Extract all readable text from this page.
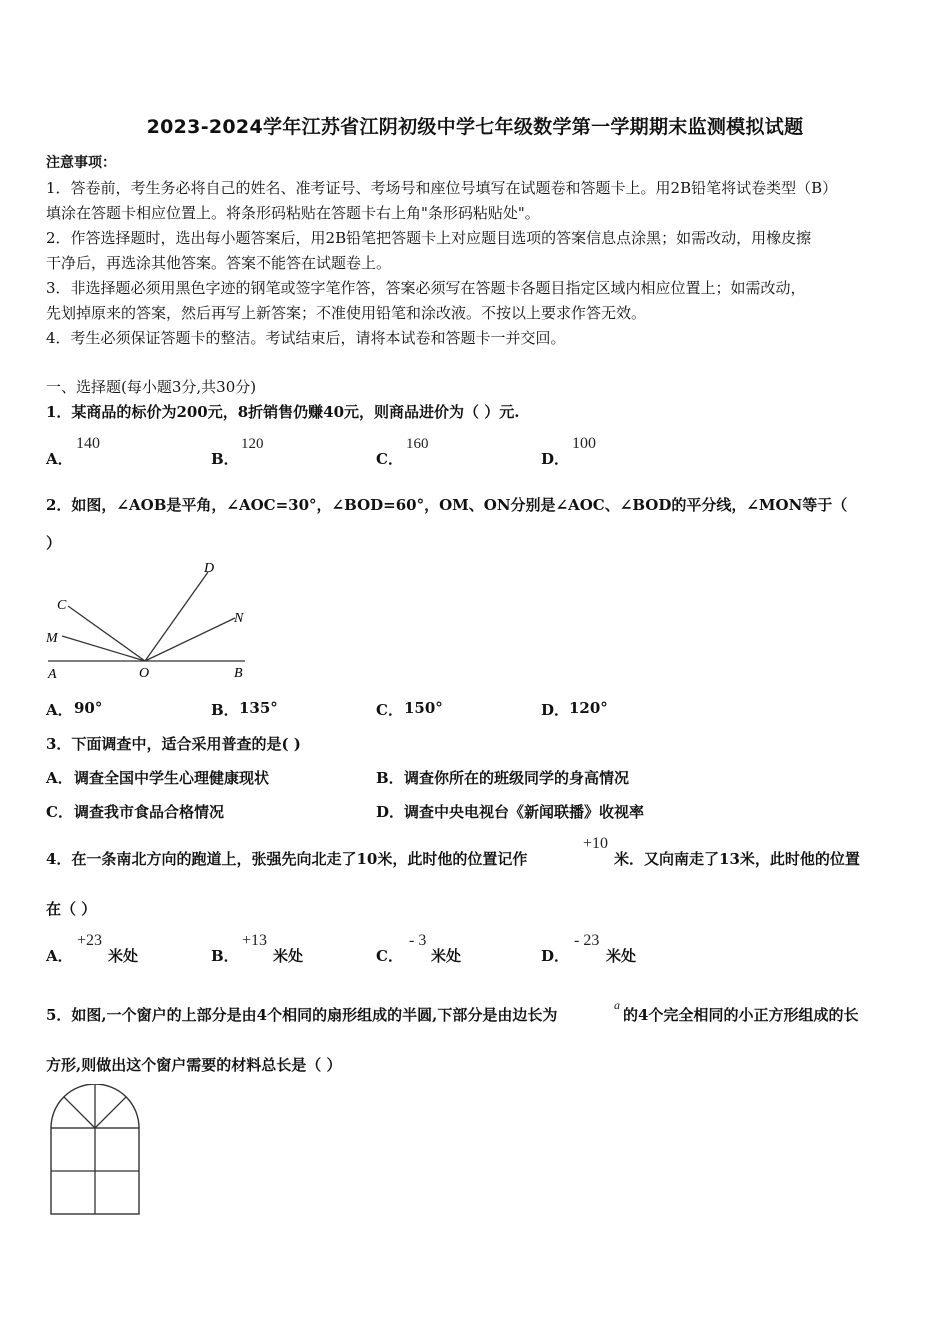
2023-2024学年江苏省江阴初级中学七年级数学第一学期期末监测模拟试题
注意事项：
1．答卷前，考生务必将自己的姓名、准考证号、考场号和座位号填写在试题卷和答题卡上。用2B铅笔将试卷类型（B）
填涂在答题卡相应位置上。将条形码粘贴在答题卡右上角"条形码粘贴处"。
2．作答选择题时，选出每小题答案后，用2B铅笔把答题卡上对应题目选项的答案信息点涂黑；如需改动，用橡皮擦
干净后，再选涂其他答案。答案不能答在试题卷上。
3．非选择题必须用黑色字迹的钢笔或签字笔作答，答案必须写在答题卡各题目指定区域内相应位置上；如需改动，
先划掉原来的答案，然后再写上新答案；不准使用铅笔和涂改液。不按以上要求作答无效。
4．考生必须保证答题卡的整洁。考试结束后，请将本试卷和答题卡一并交回。
一、选择题(每小题3分,共30分)
1．某商品的标价为200元，8折销售仍赚40元，则商品进价为（ ）元.
A．
140
B．
120
C．
160
D．
100
2．如图，∠AOB是平角，∠AOC=30°，∠BOD=60°，OM、ON分别是∠AOC、∠BOD的平分线，∠MON等于（
）
A	O	B
C
M
D
N
A． 90°	B． 135°	C． 150°	D． 120°
3．下面调查中，适合采用普查的是( )
A． 调查全国中学生心理健康现状	B． 调查你所在的班级同学的身高情况
C． 调查我市食品合格情况	D． 调查中央电视台《新闻联播》收视率
4．在一条南北方向的跑道上，张强先向北走了10米，此时他的位置记作
+10
米．又向南走了13米，此时他的位置
在（ ）
A．
+23
米处	B．
+13
米处	C．
- 3
米处	D．
- 23
米处
5．如图,一个窗户的上部分是由4个相同的扇形组成的半圆,下部分是由边长为
a
的4个完全相同的小正方形组成的长
方形,则做出这个窗户需要的材料总长是（ ）
